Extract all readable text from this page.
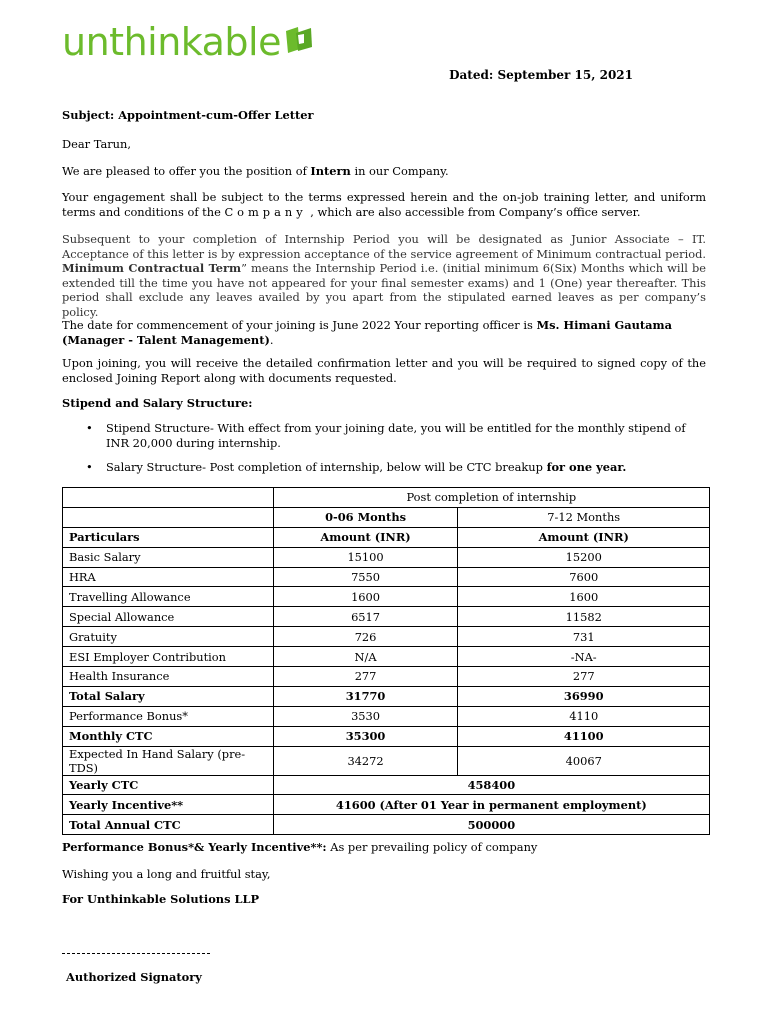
unthinkable
Dated: September 15, 2021
Subject: Appointment-cum-Offer Letter
Dear Tarun,
We are pleased to offer you the position of Intern in our Company.
Your engagement shall be subject to the terms expressed herein and the on-job training letter, and uniform terms and conditions of the Company , which are also accessible from Company’s office server.
Subsequent to your completion of Internship Period you will be designated as Junior Associate – IT. Acceptance of this letter is by expression acceptance of the service agreement of Minimum contractual period. Minimum Contractual Term” means the Internship Period i.e. (initial minimum 6(Six) Months which will be extended till the time you have not appeared for your final semester exams) and 1 (One) year thereafter. This period shall exclude any leaves availed by you apart from the stipulated earned leaves as per company’s policy.
The date for commencement of your joining is June 2022 Your reporting officer is Ms. Himani Gautama (Manager - Talent Management).
Upon joining, you will receive the detailed confirmation letter and you will be required to signed copy of the enclosed Joining Report along with documents requested.
Stipend and Salary Structure:
• Stipend Structure- With effect from your joining date, you will be entitled for the monthly stipend of INR 20,000 during internship.
• Salary Structure- Post completion of internship, below will be CTC breakup for one year.
	Post completion of internship	
	0-06 Months	7-12 Months
Particulars	Amount (INR)	Amount (INR)
Basic Salary	15100	15200
HRA	7550	7600
Travelling Allowance	1600	1600
Special Allowance	6517	11582
Gratuity	726	731
ESI Employer Contribution	N/A	-NA-
Health Insurance	277	277
Total Salary	31770	36990
Performance Bonus*	3530	4110
Monthly CTC	35300	41100
Expected In Hand Salary (pre-TDS)	34272	40067
Yearly CTC	458400	
Yearly Incentive**	41600 (After 01 Year in permanent employment)	
Total Annual CTC	500000	
Performance Bonus*& Yearly Incentive**: As per prevailing policy of company
Wishing you a long and fruitful stay,
For Unthinkable Solutions LLP
Authorized Signatory
